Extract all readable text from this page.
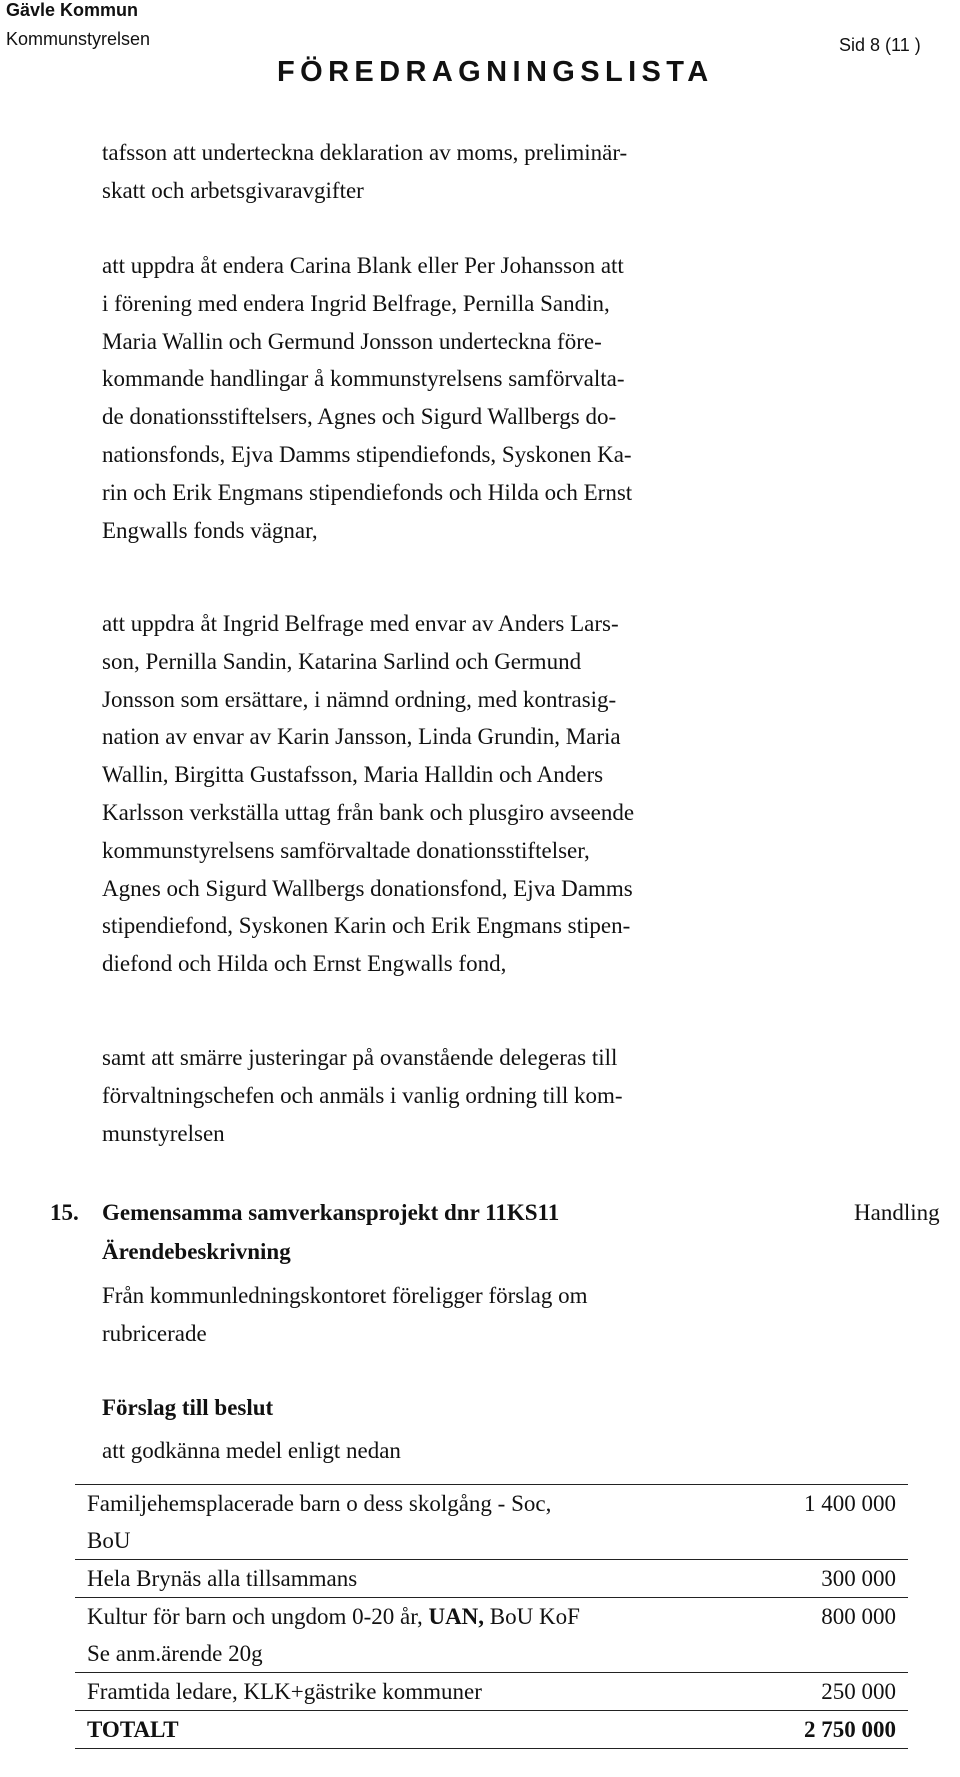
Gävle Kommun
Kommunstyrelsen	Sid 8 (11 )
FÖREDRAGNINGSLISTA

tafsson att underteckna deklaration av moms, preliminär-

skatt och arbetsgivaravgifter

att uppdra åt endera Carina Blank eller Per Johansson att

i förening med endera Ingrid Belfrage, Pernilla Sandin,

Maria Wallin och Germund Jonsson underteckna före-

kommande handlingar å kommunstyrelsens samförvalta-

de donationsstiftelsers, Agnes och Sigurd Wallbergs do-

nationsfonds, Ejva Damms stipendiefonds, Syskonen Ka-

rin och Erik Engmans stipendiefonds och Hilda och Ernst

Engwalls fonds vägnar,

att uppdra åt Ingrid Belfrage med envar av Anders Lars-

son, Pernilla Sandin, Katarina Sarlind och Germund

Jonsson som ersättare, i nämnd ordning, med kontrasig-

nation av envar av Karin Jansson, Linda Grundin, Maria

Wallin, Birgitta Gustafsson, Maria Halldin och Anders

Karlsson verkställa uttag från bank och plusgiro avseende

kommunstyrelsens samförvaltade donationsstiftelser,

Agnes och Sigurd Wallbergs donationsfond, Ejva Damms

stipendiefond, Syskonen Karin och Erik Engmans stipen-

diefond och Hilda och Ernst Engwalls fond,

samt att smärre justeringar på ovanstående delegeras till

förvaltningschefen och anmäls i vanlig ordning till kom-

munstyrelsen

15. Gemensamma samverkansprojekt dnr 11KS11	Handling
Ärendebeskrivning

Från kommunledningskontoret föreligger förslag om

rubricerade

Förslag till beslut

att godkänna medel enligt nedan

Familjehemsplacerade barn o dess skolgång - Soc,
BoU	1 400 000

Hela Brynäs alla tillsammans	300 000

Kultur för barn och ungdom 0-20 år, UAN, BoU KoF
Se anm.ärende 20g	800 000

Framtida ledare, KLK+gästrike kommuner	250 000
TOTALT	2 750 000
